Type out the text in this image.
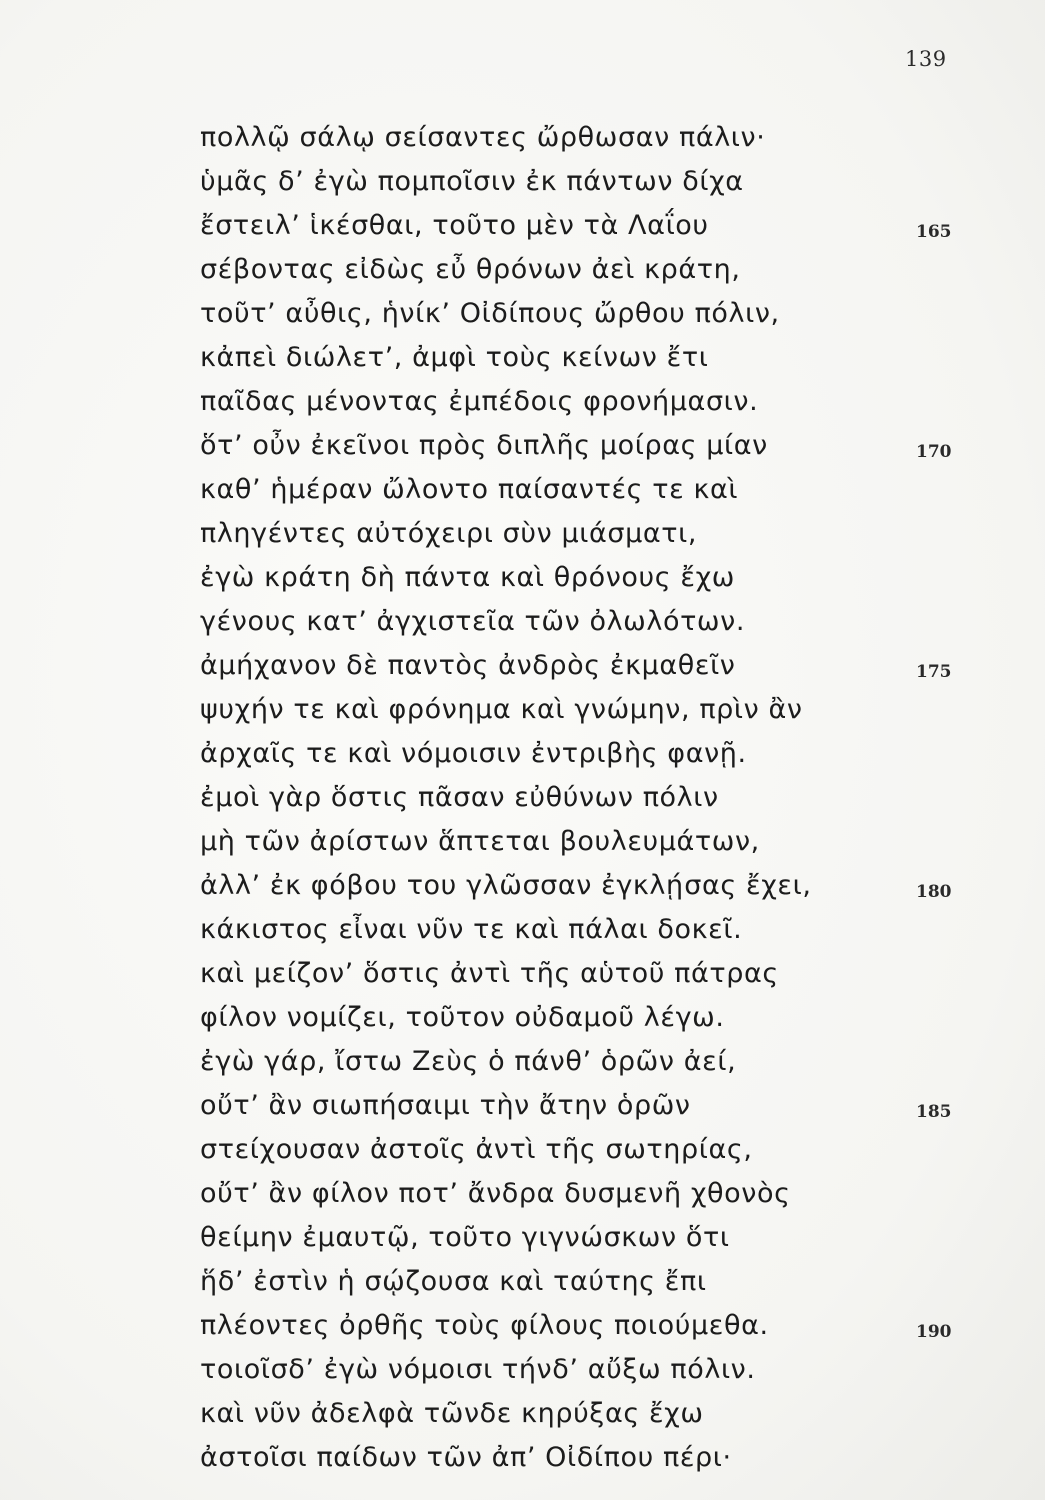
139
πολλῷ σάλῳ σείσαντες ὤρθωσαν πάλιν·
ὑμᾶς δ’ ἐγὼ πομποῖσιν ἐκ πάντων δίχα
ἔστειλ’ ἱκέσθαι, τοῦτο μὲν τὰ Λαΐου
σέβοντας εἰδὼς εὖ θρόνων ἀεὶ κράτη,
τοῦτ’ αὖθις, ἡνίκ’ Οἰδίπους ὤρθου πόλιν,
κἀπεὶ διώλετ’, ἀμφὶ τοὺς κείνων ἔτι
παῖδας μένοντας ἐμπέδοις φρονήμασιν.
ὅτ’ οὖν ἐκεῖνοι πρὸς διπλῆς μοίρας μίαν
καθ’ ἡμέραν ὤλοντο παίσαντές τε καὶ
πληγέντες αὐτόχειρι σὺν μιάσματι,
ἐγὼ κράτη δὴ πάντα καὶ θρόνους ἔχω
γένους κατ’ ἀγχιστεῖα τῶν ὀλωλότων.
ἀμήχανον δὲ παντὸς ἀνδρὸς ἐκμαθεῖν
ψυχήν τε καὶ φρόνημα καὶ γνώμην, πρὶν ἂν
ἀρχαῖς τε καὶ νόμοισιν ἐντριβὴς φανῇ.
ἐμοὶ γὰρ ὅστις πᾶσαν εὐθύνων πόλιν
μὴ τῶν ἀρίστων ἅπτεται βουλευμάτων,
ἀλλ’ ἐκ φόβου του γλῶσσαν ἐγκλῄσας ἔχει,
κάκιστος εἶναι νῦν τε καὶ πάλαι δοκεῖ.
καὶ μείζον’ ὅστις ἀντὶ τῆς αὑτοῦ πάτρας
φίλον νομίζει, τοῦτον οὐδαμοῦ λέγω.
ἐγὼ γάρ, ἴστω Ζεὺς ὁ πάνθ’ ὁρῶν ἀεί,
οὔτ’ ἂν σιωπήσαιμι τὴν ἄτην ὁρῶν
στείχουσαν ἀστοῖς ἀντὶ τῆς σωτηρίας,
οὔτ’ ἂν φίλον ποτ’ ἄνδρα δυσμενῆ χθονὸς
θείμην ἐμαυτῷ, τοῦτο γιγνώσκων ὅτι
ἥδ’ ἐστὶν ἡ σῴζουσα καὶ ταύτης ἔπι
πλέοντες ὀρθῆς τοὺς φίλους ποιούμεθα.
τοιοῖσδ’ ἐγὼ νόμοισι τήνδ’ αὔξω πόλιν.
καὶ νῦν ἀδελφὰ τῶνδε κηρύξας ἔχω
ἀστοῖσι παίδων τῶν ἀπ’ Οἰδίπου πέρι·
165
170
175
180
185
190
